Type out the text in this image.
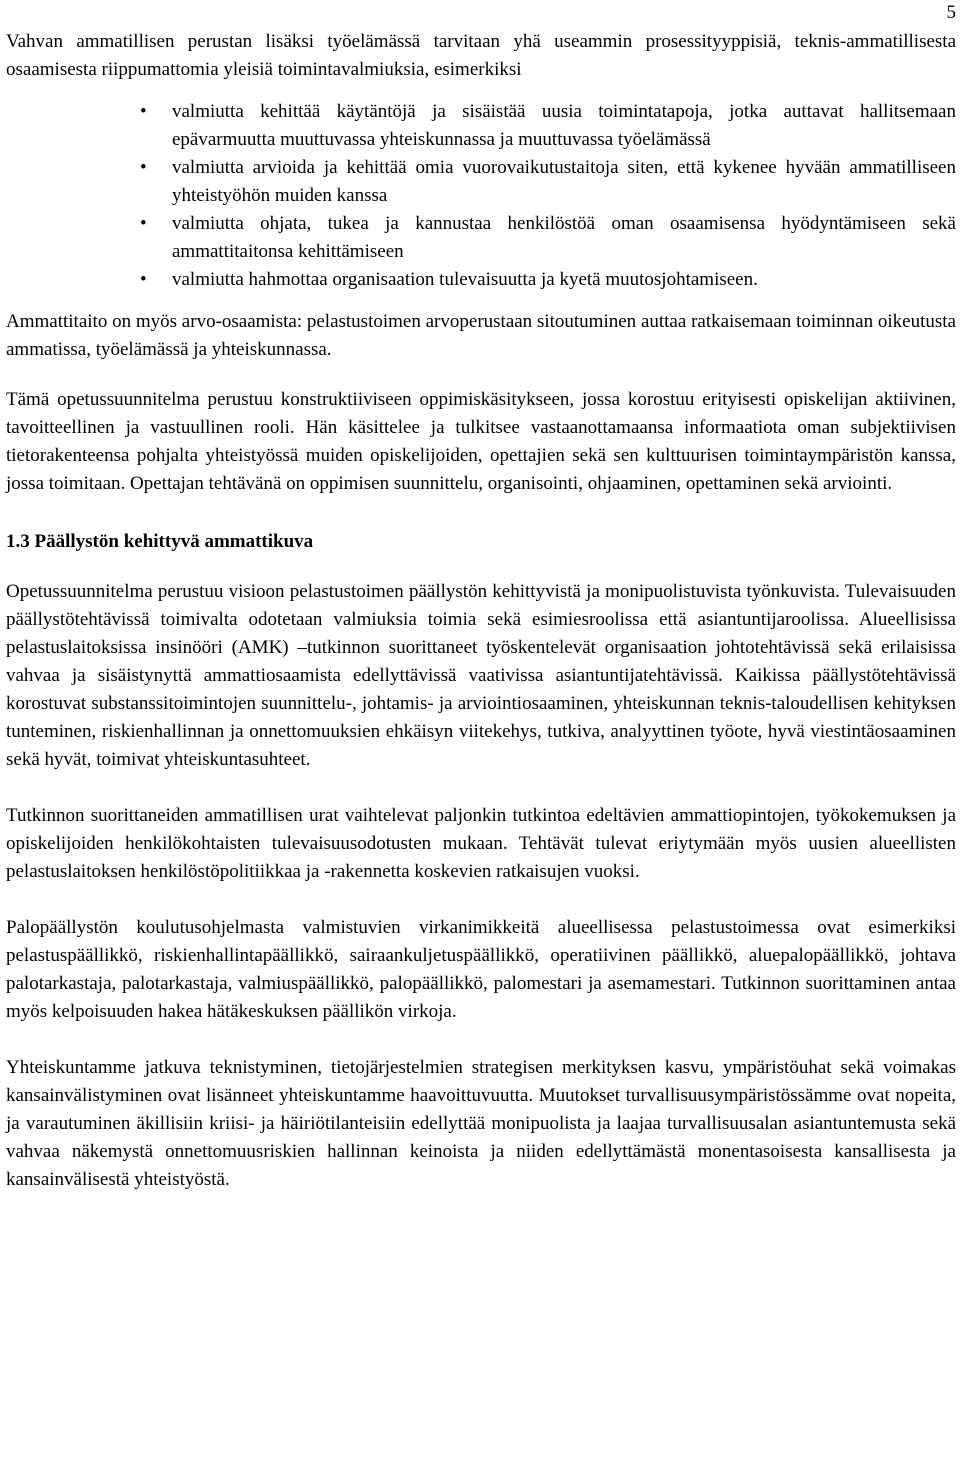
5

Vahvan ammatillisen perustan lisäksi työelämässä tarvitaan yhä useammin prosessityyppisiä, teknis-ammatillisesta osaamisesta riippumattomia yleisiä toimintavalmiuksia, esimerkiksi

• valmiutta kehittää käytäntöjä ja sisäistää uusia toimintatapoja, jotka auttavat hallitsemaan epävarmuutta muuttuvassa yhteiskunnassa ja muuttuvassa työelämässä
• valmiutta arvioida ja kehittää omia vuorovaikutustaitoja siten, että kykenee hyvään ammatilliseen yhteistyöhön muiden kanssa
• valmiutta ohjata, tukea ja kannustaa henkilöstöä oman osaamisensa hyödyntämiseen sekä ammattitaitonsa kehittämiseen
• valmiutta hahmottaa organisaation tulevaisuutta ja kyetä muutosjohtamiseen.

Ammattitaito on myös arvo-osaamista: pelastustoimen arvoperustaan sitoutuminen auttaa ratkaisemaan toiminnan oikeutusta ammatissa, työelämässä ja yhteiskunnassa.

Tämä opetussuunnitelma perustuu konstruktiiviseen oppimiskäsitykseen, jossa korostuu erityisesti opiskelijan aktiivinen, tavoitteellinen ja vastuullinen rooli. Hän käsittelee ja tulkitsee vastaanottamaansa informaatiota oman subjektiivisen tietorakenteensa pohjalta yhteistyössä muiden opiskelijoiden, opettajien sekä sen kulttuurisen toimintaympäristön kanssa, jossa toimitaan. Opettajan tehtävänä on oppimisen suunnittelu, organisointi, ohjaaminen, opettaminen sekä arviointi.

1.3 Päällystön kehittyvä ammattikuva

Opetussuunnitelma perustuu visioon pelastustoimen päällystön kehittyvistä ja monipuolistuvista työnkuvista. Tulevaisuuden päällystötehtävissä toimivalta odotetaan valmiuksia toimia sekä esimiesroolissa että asiantuntijaroolissa. Alueellisissa pelastuslaitoksissa insinööri (AMK) –tutkinnon suorittaneet työskentelevät organisaation johtotehtävissä sekä erilaisissa vahvaa ja sisäistynyttä ammattiosaamista edellyttävissä vaativissa asiantuntijatehtävissä. Kaikissa päällystötehtävissä korostuvat substanssitoimintojen suunnittelu-, johtamis- ja arviointiosaaminen, yhteiskunnan teknis-taloudellisen kehityksen tunteminen, riskienhallinnan ja onnettomuuksien ehkäisyn viitekehys, tutkiva, analyyttinen työote, hyvä viestintäosaaminen sekä hyvät, toimivat yhteiskuntasuhteet.

Tutkinnon suorittaneiden ammatillisen urat vaihtelevat paljonkin tutkintoa edeltävien ammattiopintojen, työkokemuksen ja opiskelijoiden henkilökohtaisten tulevaisuusodotusten mukaan. Tehtävät tulevat eriytymään myös uusien alueellisten pelastuslaitoksen henkilöstöpolitiikkaa ja -rakennetta koskevien ratkaisujen vuoksi.

Palopäällystön koulutusohjelmasta valmistuvien virkanimikkeitä alueellisessa pelastustoimessa ovat esimerkiksi pelastuspäällikkö, riskienhallintapäällikkö, sairaankuljetuspäällikkö, operatiivinen päällikkö, aluepalopäällikkö, johtava palotarkastaja, palotarkastaja, valmiuspäällikkö, palopäällikkö, palomestari ja asemamestari. Tutkinnon suorittaminen antaa myös kelpoisuuden hakea hätäkeskuksen päällikön virkoja.

Yhteiskuntamme jatkuva teknistyminen, tietojärjestelmien strategisen merkityksen kasvu, ympäristöuhat sekä voimakas kansainvälistyminen ovat lisänneet yhteiskuntamme haavoittuvuutta. Muutokset turvallisuusympäristössämme ovat nopeita, ja varautuminen äkillisiin kriisi- ja häiriötilanteisiin edellyttää monipuolista ja laajaa turvallisuusalan asiantuntemusta sekä vahvaa näkemystä onnettomuusriskien hallinnan keinoista ja niiden edellyttämästä monentasoisesta kansallisesta ja kansainvälisestä yhteistyöstä.
